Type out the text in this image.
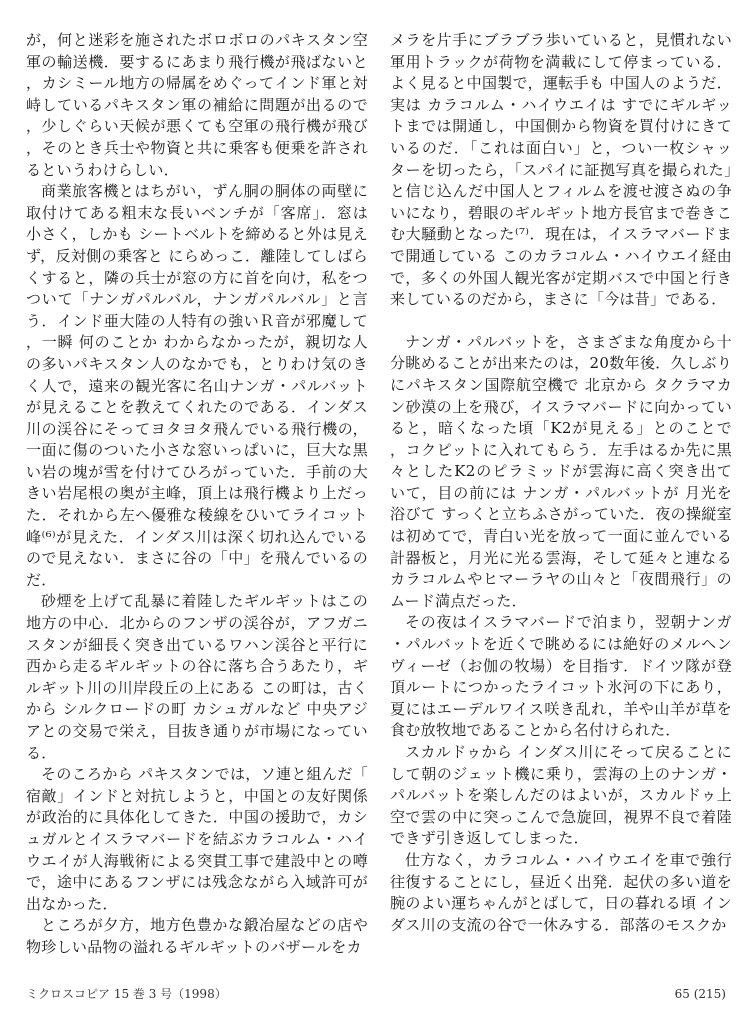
が，何と迷彩を施されたボロボロのパキスタン空軍の輸送機．要するにあまり飛行機が飛ばないと，カシミール地方の帰属をめぐってインド軍と対峙しているパキスタン軍の補給に問題が出るので，少しぐらい天候が悪くても空軍の飛行機が飛び，そのとき兵士や物資と共に乗客も便乗を許されるというわけらしい．

商業旅客機とはちがい，ずん胴の胴体の両壁に取付けてある粗末な長いベンチが「客席」．窓は小さく，しかも シートベルトを締めると外は見えず，反対側の乗客と にらめっこ．離陸してしばらくすると，隣の兵士が窓の方に首を向け，私をつついて「ナンガパルバル，ナンガパルバル」と言う．インド亜大陸の人特有の強いＲ音が邪魔して，一瞬 何のことか わからなかったが，親切な人の多いパキスタン人のなかでも，とりわけ気のきく人で，遠来の観光客に名山ナンガ・パルバットが見えることを教えてくれたのである．インダス川の渓谷にそってヨタヨタ飛んでいる飛行機の，一面に傷のついた小さな窓いっぱいに，巨大な黒い岩の塊が雪を付けてひろがっていた．手前の大きい岩尾根の奥が主峰，頂上は飛行機より上だった．それから左へ優雅な稜線をひいてライコット峰⁽⁶⁾が見えた．インダス川は深く切れ込んでいるので見えない．まさに谷の「中」を飛んでいるのだ．

砂煙を上げて乱暴に着陸したギルギットはこの地方の中心．北からのフンザの渓谷が，アフガニスタンが細長く突き出ているワハン渓谷と平行に西から走るギルギットの谷に落ち合うあたり，ギルギット川の川岸段丘の上にある この町は，古くから シルクロードの町 カシュガルなど 中央アジアとの交易で栄え，目抜き通りが市場になっている．

そのころから パキスタンでは，ソ連と組んだ「宿敵」インドと対抗しようと，中国との友好関係が政治的に具体化してきた．中国の援助で，カシュガルとイスラマバードを結ぶカラコルム・ハイウエイが人海戦術による突貫工事で建設中との噂で，途中にあるフンザには残念ながら入域許可が出なかった．

ところが夕方，地方色豊かな鍛冶屋などの店や物珍しい品物の溢れるギルギットのバザールをカ

メラを片手にブラブラ歩いていると，見慣れない軍用トラックが荷物を満載にして停まっている．よく見ると中国製で，運転手も 中国人のようだ．実は カラコルム・ハイウエイは すでにギルギットまでは開通し，中国側から物資を買付けにきているのだ．「これは面白い」と，つい一枚シャッターを切ったら，「スパイに証拠写真を撮られた」と信じ込んだ中国人とフィルムを渡せ渡さぬの争いになり，碧眼のギルギット地方長官まで巻きこむ大騒動となった⁽⁷⁾．現在は，イスラマバードまで開通している このカラコルム・ハイウエイ経由で，多くの外国人観光客が定期バスで中国と行き来しているのだから，まさに「今は昔」である．

ナンガ・パルバットを，さまざまな角度から十分眺めることが出来たのは，20数年後．久しぶりにパキスタン国際航空機で 北京から タクラマカン砂漠の上を飛び，イスラマバードに向かっていると，暗くなった頃「K2が見える」とのことで，コクピットに入れてもらう．左手はるか先に黒々としたK2のピラミッドが雲海に高く突き出ていて，目の前には ナンガ・パルバットが 月光を浴びて すっくと立ちふさがっていた．夜の操縦室は初めてで，青白い光を放って一面に並んでいる計器板と，月光に光る雲海，そして延々と連なるカラコルムやヒマーラヤの山々と「夜間飛行」のムード満点だった．

その夜はイスラマバードで泊まり，翌朝ナンガ・パルバットを近くで眺めるには絶好のメルヘンヴィーゼ（お伽の牧場）を目指す．ドイツ隊が登頂ルートにつかったライコット氷河の下にあり，夏にはエーデルワイス咲き乱れ，羊や山羊が草を食む放牧地であることから名付けられた．

スカルドゥから インダス川にそって戻ることにして朝のジェット機に乗り，雲海の上のナンガ・パルバットを楽しんだのはよいが，スカルドゥ上空で雲の中に突っこんで急旋回，視界不良で着陸できず引き返してしまった．

仕方なく，カラコルム・ハイウエイを車で強行往復することにし，昼近く出発．起伏の多い道を腕のよい運ちゃんがとばして，日の暮れる頃 インダス川の支流の谷で一休みする．部落のモスクか

ミクロスコピア 15 巻 3 号（1998）	65 (215)
